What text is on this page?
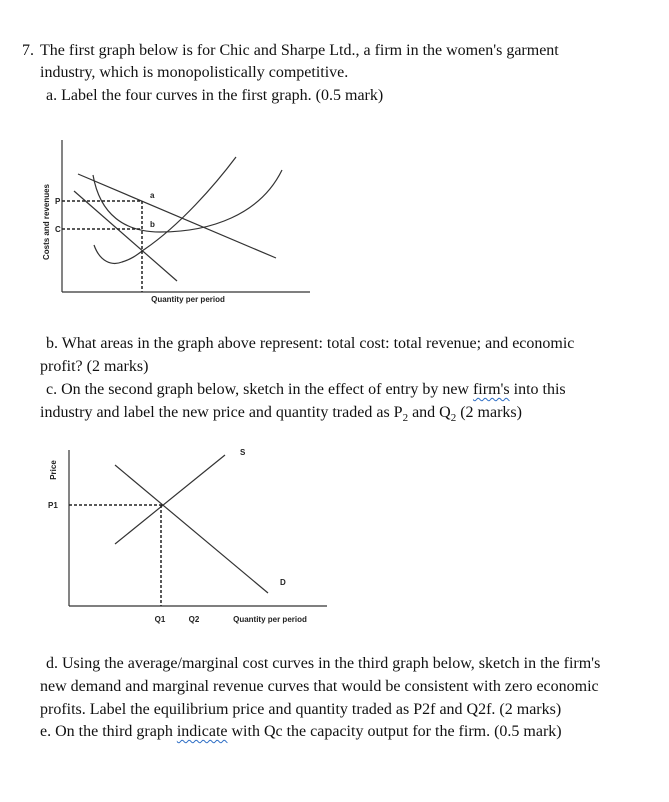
7. The first graph below is for Chic and Sharpe Ltd., a firm in the women's garment
industry, which is monopolistically competitive.
a. Label the four curves in the first graph. (0.5 mark)
Costs and revenues P
C
a
b
Quantity per period
Price
P1
S
D
Q1	Q2	Quantity per period
b. What areas in the graph above represent: total cost: total revenue; and economic
profit? (2 marks)
c. On the second graph below, sketch in the effect of entry by new firm's into this
industry and label the new price and quantity traded as $P_2$ and $Q_2$ (2 marks)
d. Using the average/marginal cost curves in the third graph below, sketch in the firm's
new demand and marginal revenue curves that would be consistent with zero economic
profits. Label the equilibrium price and quantity traded as P2f and Q2f. (2 marks)
e. On the third graph indicate with Qc the capacity output for the firm. (0.5 mark)
